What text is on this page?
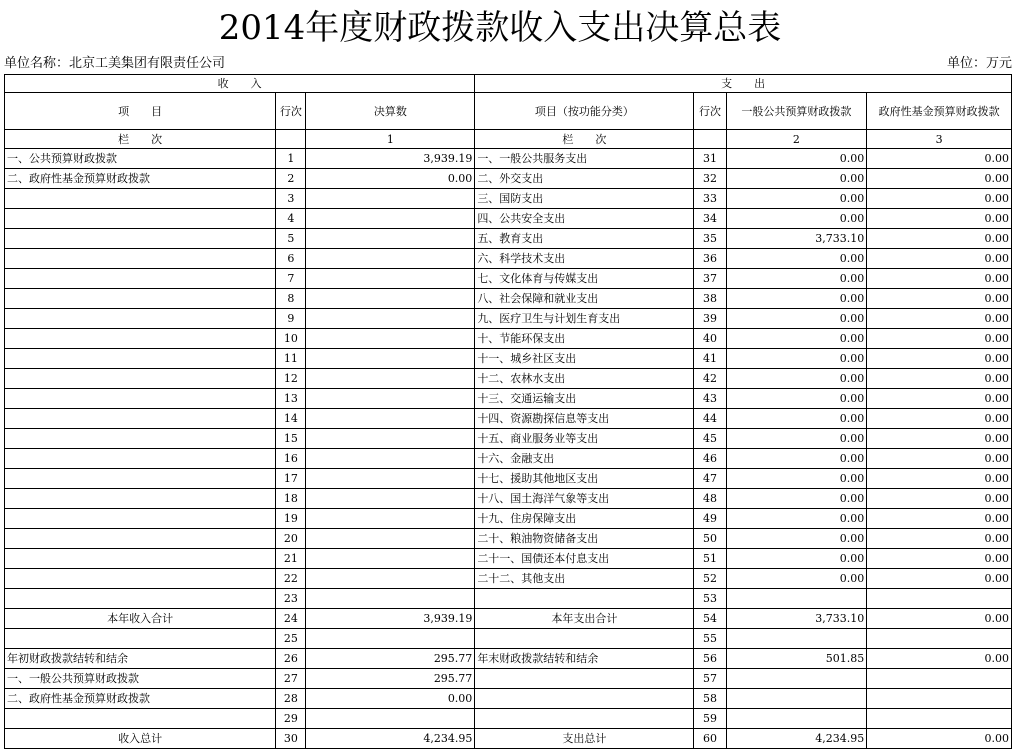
2014年度财政拨款收入支出决算总表
单位名称：北京工美集团有限责任公司	单位：万元
收　　入			支　　出			
项　　目	行次	决算数	项目（按功能分类）	行次	一般公共预算财政拨款	政府性基金预算财政拨款
栏　　次		1	栏　　次		2	3
一、公共预算财政拨款	1	3,939.19	一、一般公共服务支出	31	0.00	0.00
二、政府性基金预算财政拨款	2	0.00	二、外交支出	32	0.00	0.00
	3		三、国防支出	33	0.00	0.00
	4		四、公共安全支出	34	0.00	0.00
	5		五、教育支出	35	3,733.10	0.00
	6		六、科学技术支出	36	0.00	0.00
	7		七、文化体育与传媒支出	37	0.00	0.00
	8		八、社会保障和就业支出	38	0.00	0.00
	9		九、医疗卫生与计划生育支出	39	0.00	0.00
	10		十、节能环保支出	40	0.00	0.00
	11		十一、城乡社区支出	41	0.00	0.00
	12		十二、农林水支出	42	0.00	0.00
	13		十三、交通运输支出	43	0.00	0.00
	14		十四、资源勘探信息等支出	44	0.00	0.00
	15		十五、商业服务业等支出	45	0.00	0.00
	16		十六、金融支出	46	0.00	0.00
	17		十七、援助其他地区支出	47	0.00	0.00
	18		十八、国土海洋气象等支出	48	0.00	0.00
	19		十九、住房保障支出	49	0.00	0.00
	20		二十、粮油物资储备支出	50	0.00	0.00
	21		二十一、国债还本付息支出	51	0.00	0.00
	22		二十二、其他支出	52	0.00	0.00
	23			53		
本年收入合计	24	3,939.19	本年支出合计	54	3,733.10	0.00
	25			55		
年初财政拨款结转和结余	26	295.77	年末财政拨款结转和结余	56	501.85	0.00
一、一般公共预算财政拨款	27	295.77		57		
二、政府性基金预算财政拨款	28	0.00		58		
	29			59		
收入总计	30	4,234.95	支出总计	60	4,234.95	0.00
